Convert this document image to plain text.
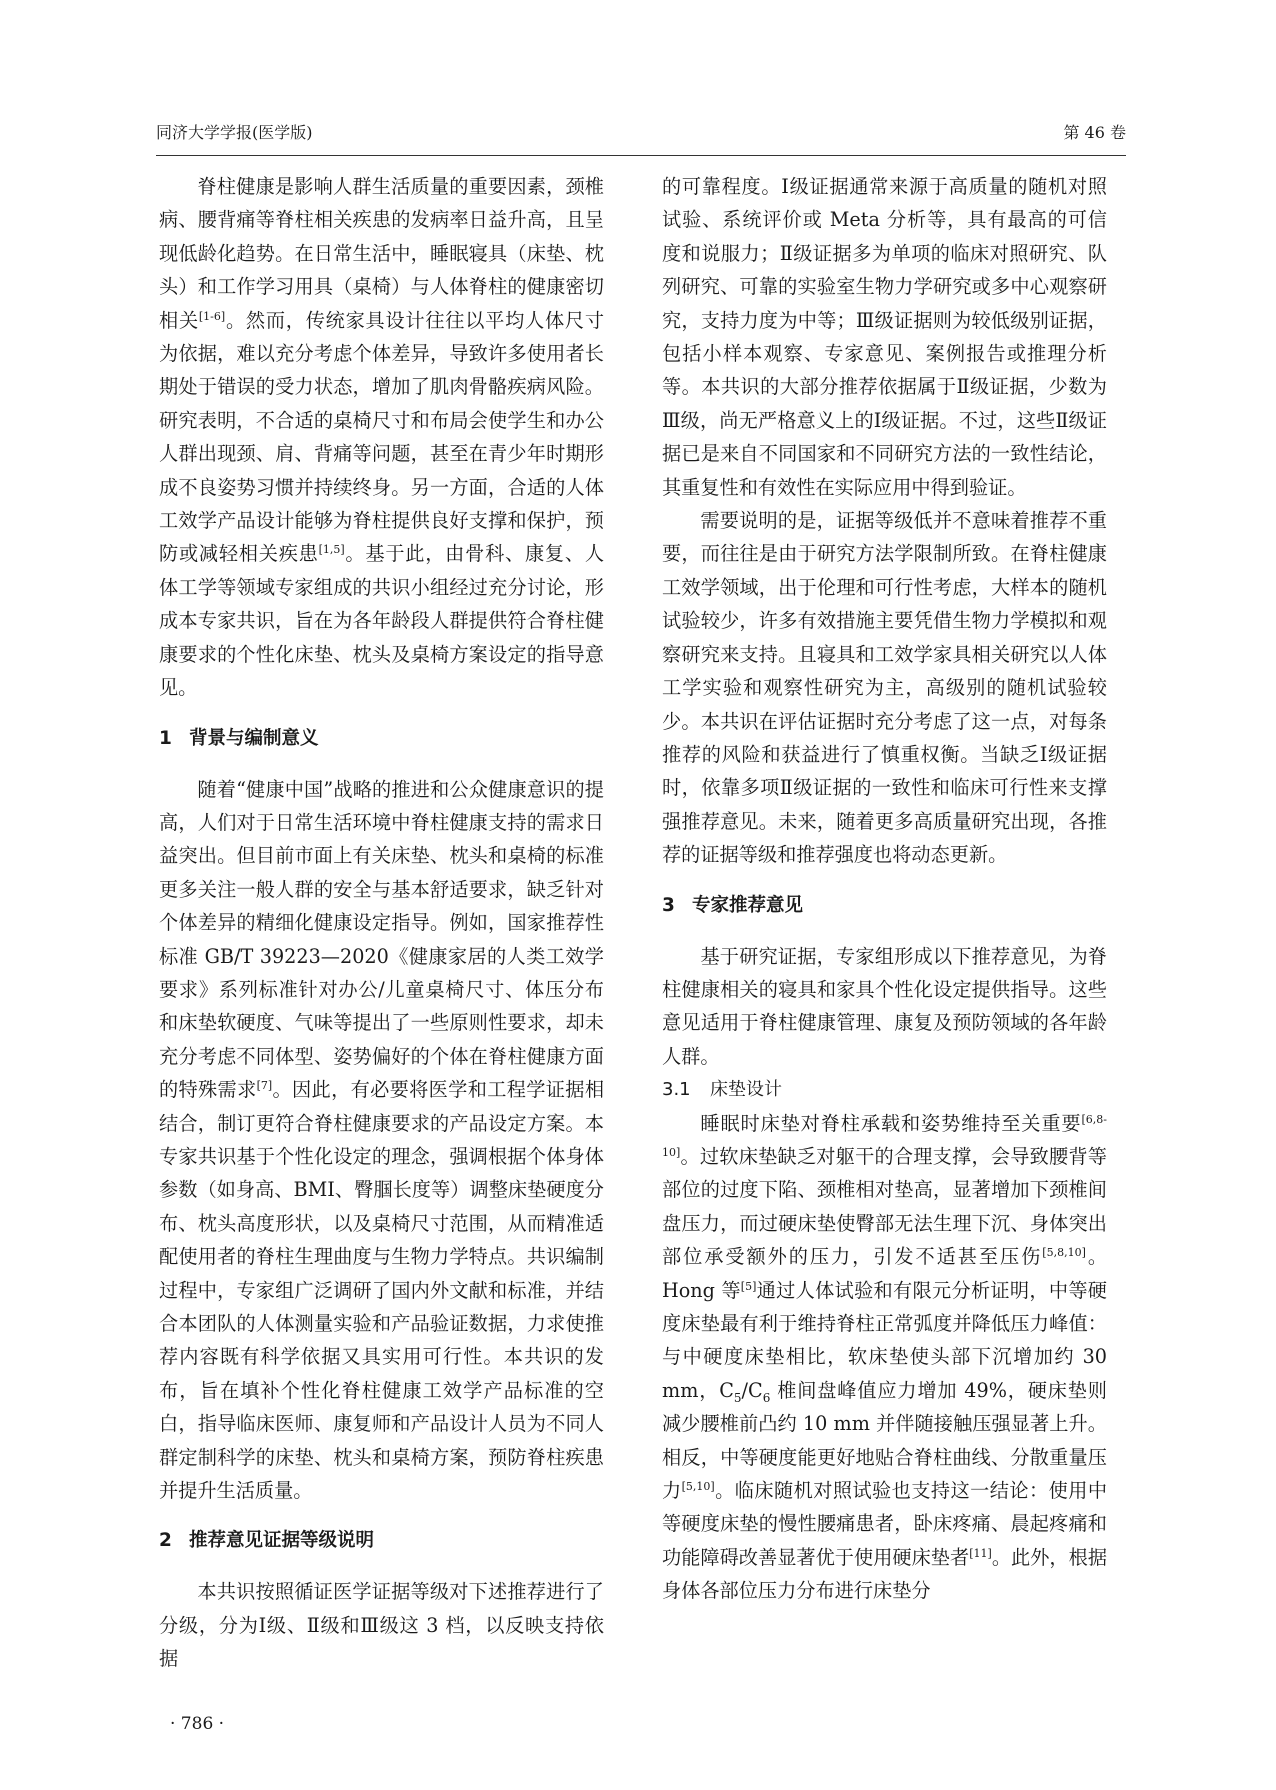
同济大学学报(医学版)	第 46 卷

脊柱健康是影响人群生活质量的重要因素，颈椎病、腰背痛等脊柱相关疾患的发病率日益升高，且呈现低龄化趋势。在日常生活中，睡眠寝具（床垫、枕头）和工作学习用具（桌椅）与人体脊柱的健康密切相关[1-6]。然而，传统家具设计往往以平均人体尺寸为依据，难以充分考虑个体差异，导致许多使用者长期处于错误的受力状态，增加了肌肉骨骼疾病风险。研究表明，不合适的桌椅尺寸和布局会使学生和办公人群出现颈、肩、背痛等问题，甚至在青少年时期形成不良姿势习惯并持续终身。另一方面，合适的人体工效学产品设计能够为脊柱提供良好支撑和保护，预防或减轻相关疾患[1,5]。基于此，由骨科、康复、人体工学等领域专家组成的共识小组经过充分讨论，形成本专家共识，旨在为各年龄段人群提供符合脊柱健康要求的个性化床垫、枕头及桌椅方案设定的指导意见。

1 背景与编制意义

随着“健康中国”战略的推进和公众健康意识的提高，人们对于日常生活环境中脊柱健康支持的需求日益突出。但目前市面上有关床垫、枕头和桌椅的标准更多关注一般人群的安全与基本舒适要求，缺乏针对个体差异的精细化健康设定指导。例如，国家推荐性标准 GB/T 39223—2020《健康家居的人类工效学要求》系列标准针对办公/儿童桌椅尺寸、体压分布和床垫软硬度、气味等提出了一些原则性要求，却未充分考虑不同体型、姿势偏好的个体在脊柱健康方面的特殊需求[7]。因此，有必要将医学和工程学证据相结合，制订更符合脊柱健康要求的产品设定方案。本专家共识基于个性化设定的理念，强调根据个体身体参数（如身高、BMI、臀腘长度等）调整床垫硬度分布、枕头高度形状，以及桌椅尺寸范围，从而精准适配使用者的脊柱生理曲度与生物力学特点。共识编制过程中，专家组广泛调研了国内外文献和标准，并结合本团队的人体测量实验和产品验证数据，力求使推荐内容既有科学依据又具实用可行性。本共识的发布，旨在填补个性化脊柱健康工效学产品标准的空白，指导临床医师、康复师和产品设计人员为不同人群定制科学的床垫、枕头和桌椅方案，预防脊柱疾患并提升生活质量。

2 推荐意见证据等级说明

本共识按照循证医学证据等级对下述推荐进行了分级，分为Ⅰ级、Ⅱ级和Ⅲ级这 3 档，以反映支持依据

的可靠程度。Ⅰ级证据通常来源于高质量的随机对照试验、系统评价或 Meta 分析等，具有最高的可信度和说服力；Ⅱ级证据多为单项的临床对照研究、队列研究、可靠的实验室生物力学研究或多中心观察研究，支持力度为中等；Ⅲ级证据则为较低级别证据，包括小样本观察、专家意见、案例报告或推理分析等。本共识的大部分推荐依据属于Ⅱ级证据，少数为Ⅲ级，尚无严格意义上的Ⅰ级证据。不过，这些Ⅱ级证据已是来自不同国家和不同研究方法的一致性结论，其重复性和有效性在实际应用中得到验证。

需要说明的是，证据等级低并不意味着推荐不重要，而往往是由于研究方法学限制所致。在脊柱健康工效学领域，出于伦理和可行性考虑，大样本的随机试验较少，许多有效措施主要凭借生物力学模拟和观察研究来支持。且寝具和工效学家具相关研究以人体工学实验和观察性研究为主，高级别的随机试验较少。本共识在评估证据时充分考虑了这一点，对每条推荐的风险和获益进行了慎重权衡。当缺乏Ⅰ级证据时，依靠多项Ⅱ级证据的一致性和临床可行性来支撑强推荐意见。未来，随着更多高质量研究出现，各推荐的证据等级和推荐强度也将动态更新。

3 专家推荐意见

基于研究证据，专家组形成以下推荐意见，为脊柱健康相关的寝具和家具个性化设定提供指导。这些意见适用于脊柱健康管理、康复及预防领域的各年龄人群。

3.1 床垫设计

睡眠时床垫对脊柱承载和姿势维持至关重要[6,8-10]。过软床垫缺乏对躯干的合理支撑，会导致腰背等部位的过度下陷、颈椎相对垫高，显著增加下颈椎间盘压力，而过硬床垫使臀部无法生理下沉、身体突出部位承受额外的压力，引发不适甚至压伤[5,8,10]。Hong 等[5]通过人体试验和有限元分析证明，中等硬度床垫最有利于维持脊柱正常弧度并降低压力峰值：与中硬度床垫相比，软床垫使头部下沉增加约 30 mm，$C_5/C_6$ 椎间盘峰值应力增加 49%，硬床垫则减少腰椎前凸约 10 mm 并伴随接触压强显著上升。相反，中等硬度能更好地贴合脊柱曲线、分散重量压力[5,10]。临床随机对照试验也支持这一结论：使用中等硬度床垫的慢性腰痛患者，卧床疼痛、晨起疼痛和功能障碍改善显著优于使用硬床垫者[11]。此外，根据身体各部位压力分布进行床垫分

· 786 ·
